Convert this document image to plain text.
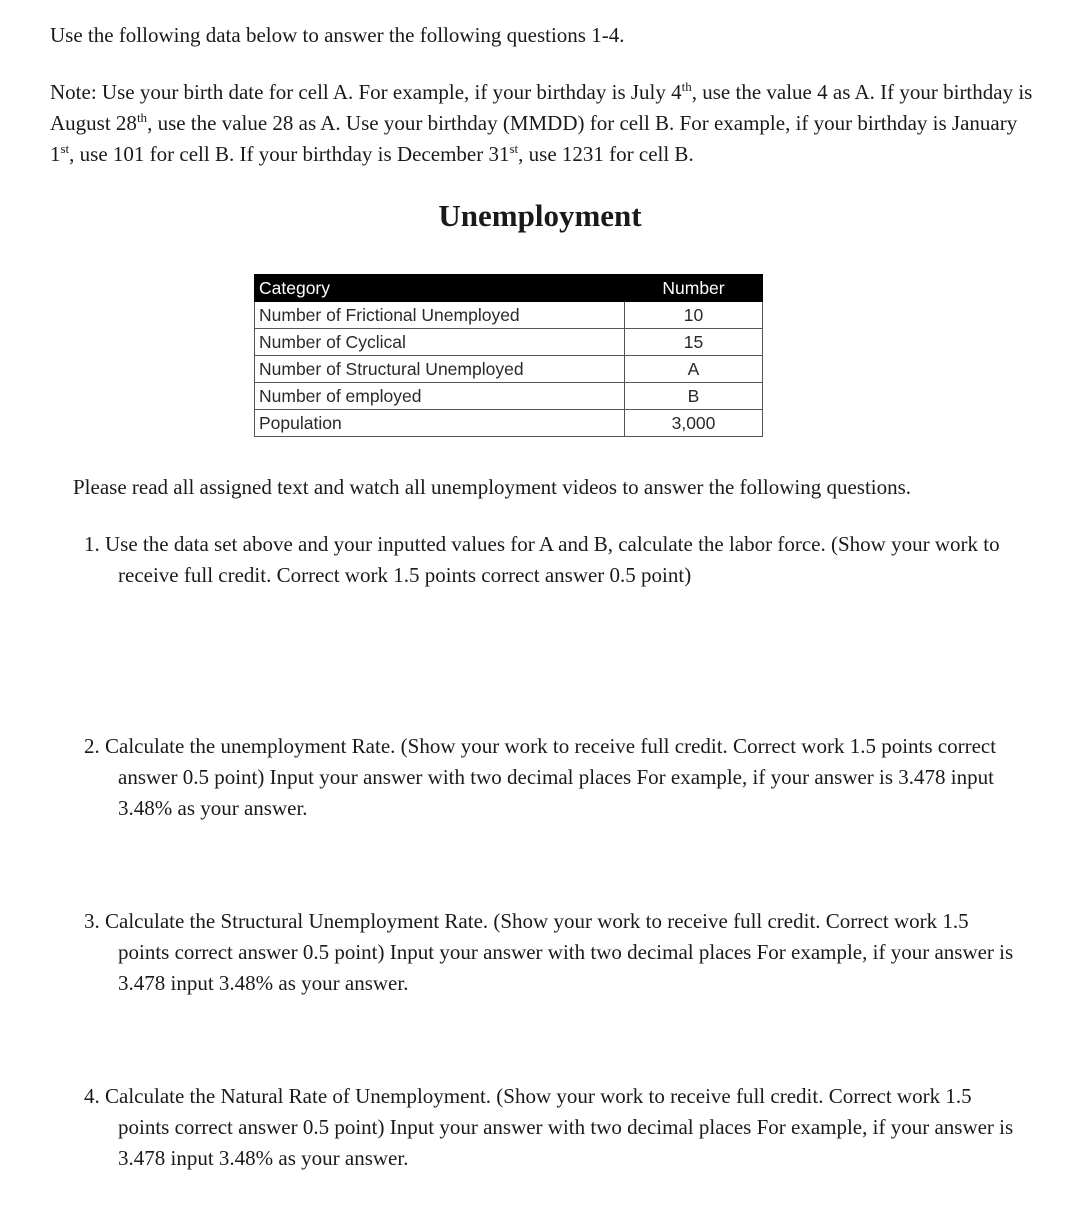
Use the following data below to answer the following questions 1-4.

Note: Use your birth date for cell A. For example, if your birthday is July 4th, use the value 4 as A. If your birthday is August 28th, use the value 28 as A. Use your birthday (MMDD) for cell B. For example, if your birthday is January 1st, use 101 for cell B. If your birthday is December 31st, use 1231 for cell B.

Unemployment
Category	Number
Number of Frictional Unemployed	10
Number of Cyclical	15
Number of Structural Unemployed	A
Number of employed	B
Population	3,000

Please read all assigned text and watch all unemployment videos to answer the following questions.

1. Use the data set above and your inputted values for A and B, calculate the labor force. (Show your work to receive full credit. Correct work 1.5 points correct answer 0.5 point)

2. Calculate the unemployment Rate. (Show your work to receive full credit. Correct work 1.5 points correct answer 0.5 point) Input your answer with two decimal places For example, if your answer is 3.478 input 3.48% as your answer.

3. Calculate the Structural Unemployment Rate. (Show your work to receive full credit. Correct work 1.5 points correct answer 0.5 point) Input your answer with two decimal places For example, if your answer is 3.478 input 3.48% as your answer.

4. Calculate the Natural Rate of Unemployment. (Show your work to receive full credit. Correct work 1.5 points correct answer 0.5 point) Input your answer with two decimal places For example, if your answer is 3.478 input 3.48% as your answer.
